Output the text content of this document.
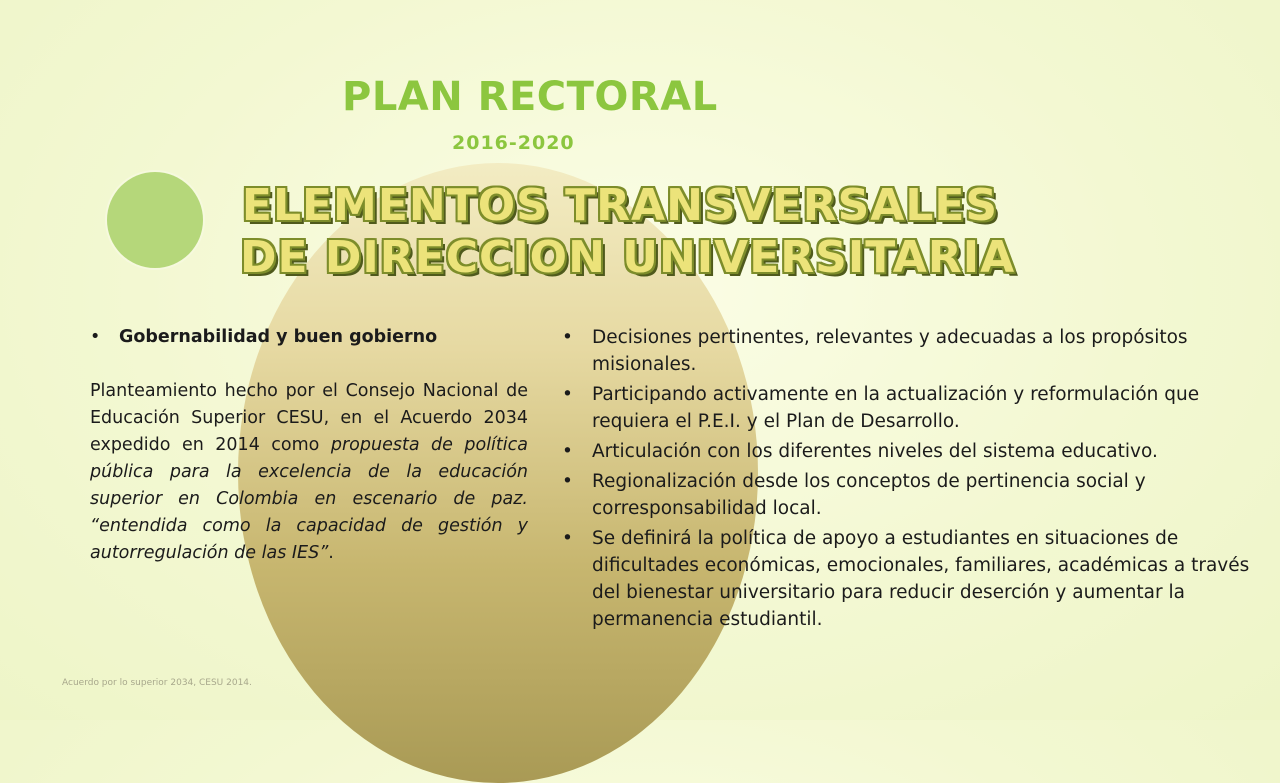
PLAN RECTORAL
2016-2020
ELEMENTOS TRANSVERSALES
DE DIRECCION UNIVERSITARIA
•	Gobernabilidad y buen gobierno

Planteamiento hecho por el Consejo Nacional de Educación Superior CESU, en el Acuerdo 2034 expedido en 2014 como propuesta de política pública para la excelencia de la educación superior en Colombia en escenario de paz. “entendida como la capacidad de gestión y autorregulación de las IES”.

•	Decisiones pertinentes, relevantes y adecuadas a los propósitos misionales.
•	Participando activamente en la actualización y reformulación que requiera el P.E.I. y el Plan de Desarrollo.
•	Articulación con los diferentes niveles del sistema educativo.
•	Regionalización desde los conceptos de pertinencia social y corresponsabilidad local.
•	Se definirá la política de apoyo a estudiantes en situaciones de dificultades económicas, emocionales, familiares, académicas a través del bienestar universitario para reducir deserción y aumentar la permanencia estudiantil.
Acuerdo por lo superior 2034, CESU 2014.
